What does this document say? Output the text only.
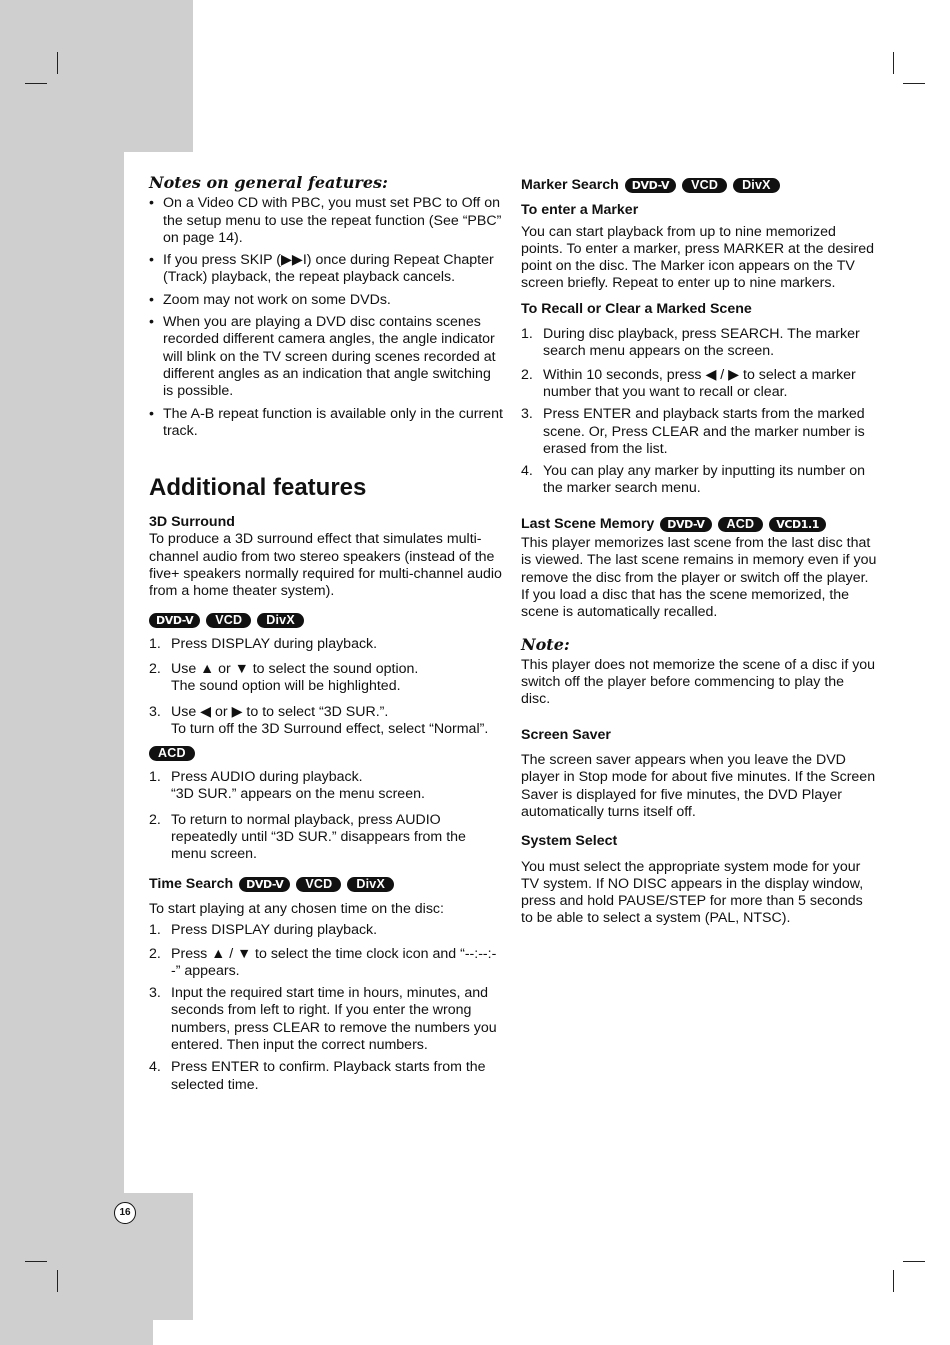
Notes on general features:
• On a Video CD with PBC, you must set PBC to Off on the setup menu to use the repeat function (See “PBC” on page 14).
• If you press SKIP (▶▶I) once during Repeat Chapter (Track) playback, the repeat playback cancels.
• Zoom may not work on some DVDs.
• When you are playing a DVD disc contains scenes recorded different camera angles, the angle indicator will blink on the TV screen during scenes recorded at different angles as an indication that angle switching is possible.
• The A-B repeat function is available only in the current track.
Additional features
3D Surround

To produce a 3D surround effect that simulates multi-channel audio from two stereo speakers (instead of the five+ speakers normally required for multi-channel audio from a home theater system).

DVD-V	VCD	DivX
1. Press DISPLAY during playback.
2. Use ▲ or ▼ to select the sound option.
The sound option will be highlighted.
3. Use ◀ or ▶ to to select “3D SUR.”.
To turn off the 3D Surround effect, select “Normal”.
ACD
1. Press AUDIO during playback.
“3D SUR.” appears on the menu screen.
2. To return to normal playback, press AUDIO repeatedly until “3D SUR.” disappears from the menu screen.
Time Search	DVD-V	VCD	DivX

To start playing at any chosen time on the disc:

1. Press DISPLAY during playback.
2. Press ▲ / ▼ to select the time clock icon and “--:--:--” appears.
3. Input the required start time in hours, minutes, and seconds from left to right. If you enter the wrong numbers, press CLEAR to remove the numbers you entered. Then input the correct numbers.
4. Press ENTER to confirm. Playback starts from the selected time.
Marker Search	DVD-V	VCD	DivX
To enter a Marker

You can start playback from up to nine memorized points. To enter a marker, press MARKER at the desired point on the disc. The Marker icon appears on the TV screen briefly. Repeat to enter up to nine markers.

To Recall or Clear a Marked Scene
1. During disc playback, press SEARCH. The marker search menu appears on the screen.
2. Within 10 seconds, press ◀ / ▶ to select a marker number that you want to recall or clear.
3. Press ENTER and playback starts from the marked scene. Or, Press CLEAR and the marker number is erased from the list.
4. You can play any marker by inputting its number on the marker search menu.
Last Scene Memory	DVD-V	ACD	VCD1.1

This player memorizes last scene from the last disc that is viewed. The last scene remains in memory even if you remove the disc from the player or switch off the player. If you load a disc that has the scene memorized, the scene is automatically recalled.

Note:

This player does not memorize the scene of a disc if you switch off the player before commencing to play the disc.

Screen Saver

The screen saver appears when you leave the DVD player in Stop mode for about five minutes. If the Screen Saver is displayed for five minutes, the DVD Player automatically turns itself off.

System Select

You must select the appropriate system mode for your TV system. If NO DISC appears in the display window, press and hold PAUSE/STEP for more than 5 seconds to be able to select a system (PAL, NTSC).

16
